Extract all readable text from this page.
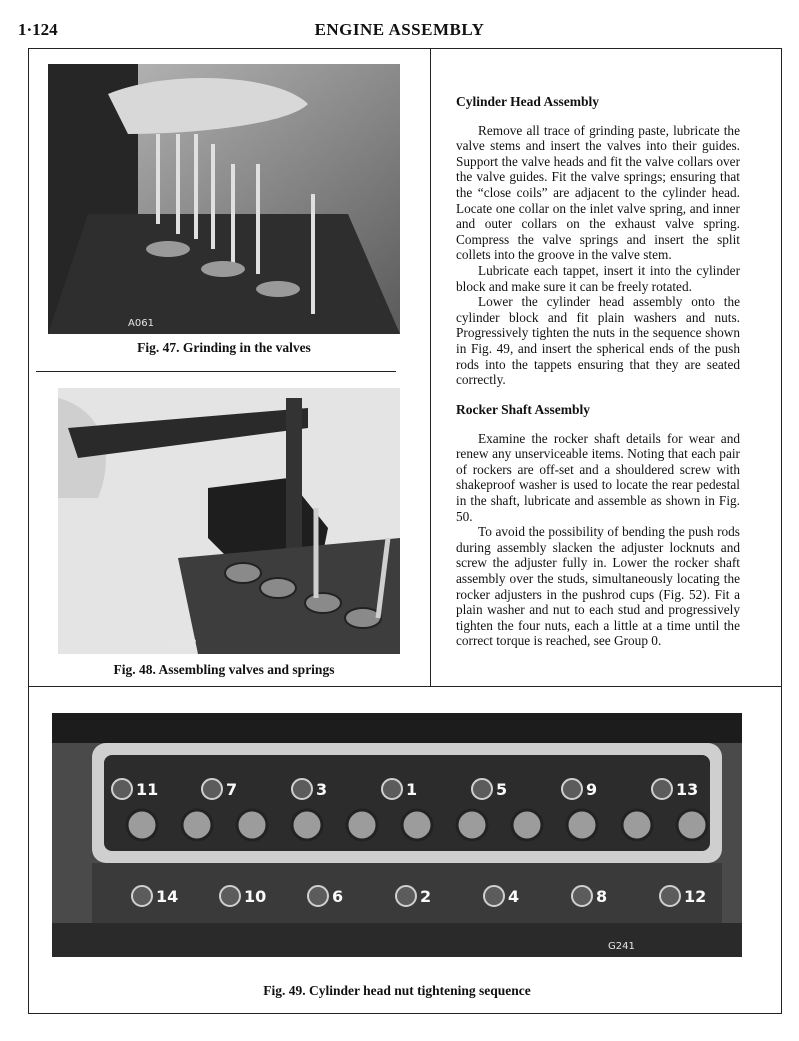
1·124	ENGINE ASSEMBLY
A061
Fig. 47. Grinding in the valves
G482
Fig. 48. Assembling valves and springs
Cylinder Head Assembly

Remove all trace of grinding paste, lubricate the valve stems and insert the valves into their guides. Support the valve heads and fit the valve collars over the valve guides. Fit the valve springs; ensuring that the “close coils” are adjacent to the cylinder head. Locate one collar on the inlet valve spring, and inner and outer collars on the exhaust valve spring. Compress the valve springs and insert the split collets into the groove in the valve stem.

Lubricate each tappet, insert it into the cylinder block and make sure it can be freely rotated.

Lower the cylinder head assembly onto the cylinder block and fit plain washers and nuts. Progressively tighten the nuts in the sequence shown in Fig. 49, and insert the spherical ends of the push rods into the tappets ensuring that they are seated correctly.

Rocker Shaft Assembly

Examine the rocker shaft details for wear and renew any unserviceable items. Noting that each pair of rockers are off-set and a shouldered screw with shakeproof washer is used to locate the rear pedestal in the shaft, lubricate and assemble as shown in Fig. 50.

To avoid the possibility of bending the push rods during assembly slacken the adjuster locknuts and screw the adjuster fully in. Lower the rocker shaft assembly over the studs, simultaneously locating the rocker adjusters in the pushrod cups (Fig. 52). Fit a plain washer and nut to each stud and progressively tighten the four nuts, each a little at a time until the correct torque is reached, see Group 0.

11	7	3	1	5	9	13
14	10	6	2	4	8	12
G241
Fig. 49. Cylinder head nut tightening sequence
